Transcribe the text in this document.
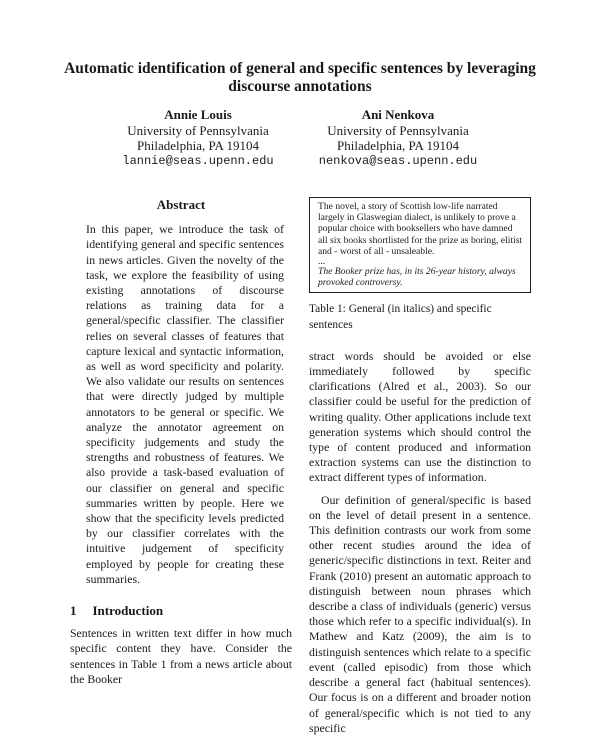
Automatic identification of general and specific sentences by leveraging discourse annotations
Annie Louis
University of Pennsylvania
Philadelphia, PA 19104
lannie@seas.upenn.edu
Ani Nenkova
University of Pennsylvania
Philadelphia, PA 19104
nenkova@seas.upenn.edu
Abstract
In this paper, we introduce the task of identifying general and specific sentences in news articles. Given the novelty of the task, we explore the feasibility of using existing annotations of discourse relations as training data for a general/specific classifier. The classifier relies on several classes of features that capture lexical and syntactic information, as well as word specificity and polarity. We also validate our results on sentences that were directly judged by multiple annotators to be general or specific. We analyze the annotator agreement on specificity judgements and study the strengths and robustness of features. We also provide a task-based evaluation of our classifier on general and specific summaries written by people. Here we show that the specificity levels predicted by our classifier correlates with the intuitive judgement of specificity employed by people for creating these summaries.
1 Introduction
Sentences in written text differ in how much specific content they have. Consider the sentences in Table 1 from a news article about the Booker
The novel, a story of Scottish low-life narrated largely in Glaswegian dialect, is unlikely to prove a popular choice with booksellers who have damned all six books shortlisted for the prize as boring, elitist and - worst of all - unsaleable.
...
The Booker prize has, in its 26-year history, always provoked controversy.
Table 1: General (in italics) and specific sentences
stract words should be avoided or else immediately followed by specific clarifications (Alred et al., 2003). So our classifier could be useful for the prediction of writing quality. Other applications include text generation systems which should control the type of content produced and information extraction systems can use the distinction to extract different types of information.
Our definition of general/specific is based on the level of detail present in a sentence. This definition contrasts our work from some other recent studies around the idea of generic/specific distinctions in text. Reiter and Frank (2010) present an automatic approach to distinguish between noun phrases which describe a class of individuals (generic) versus those which refer to a specific individual(s). In Mathew and Katz (2009), the aim is to distinguish sentences which relate to a specific event (called episodic) from those which describe a general fact (habitual sentences). Our focus is on a different and broader notion of general/specific which is not tied to any specific
